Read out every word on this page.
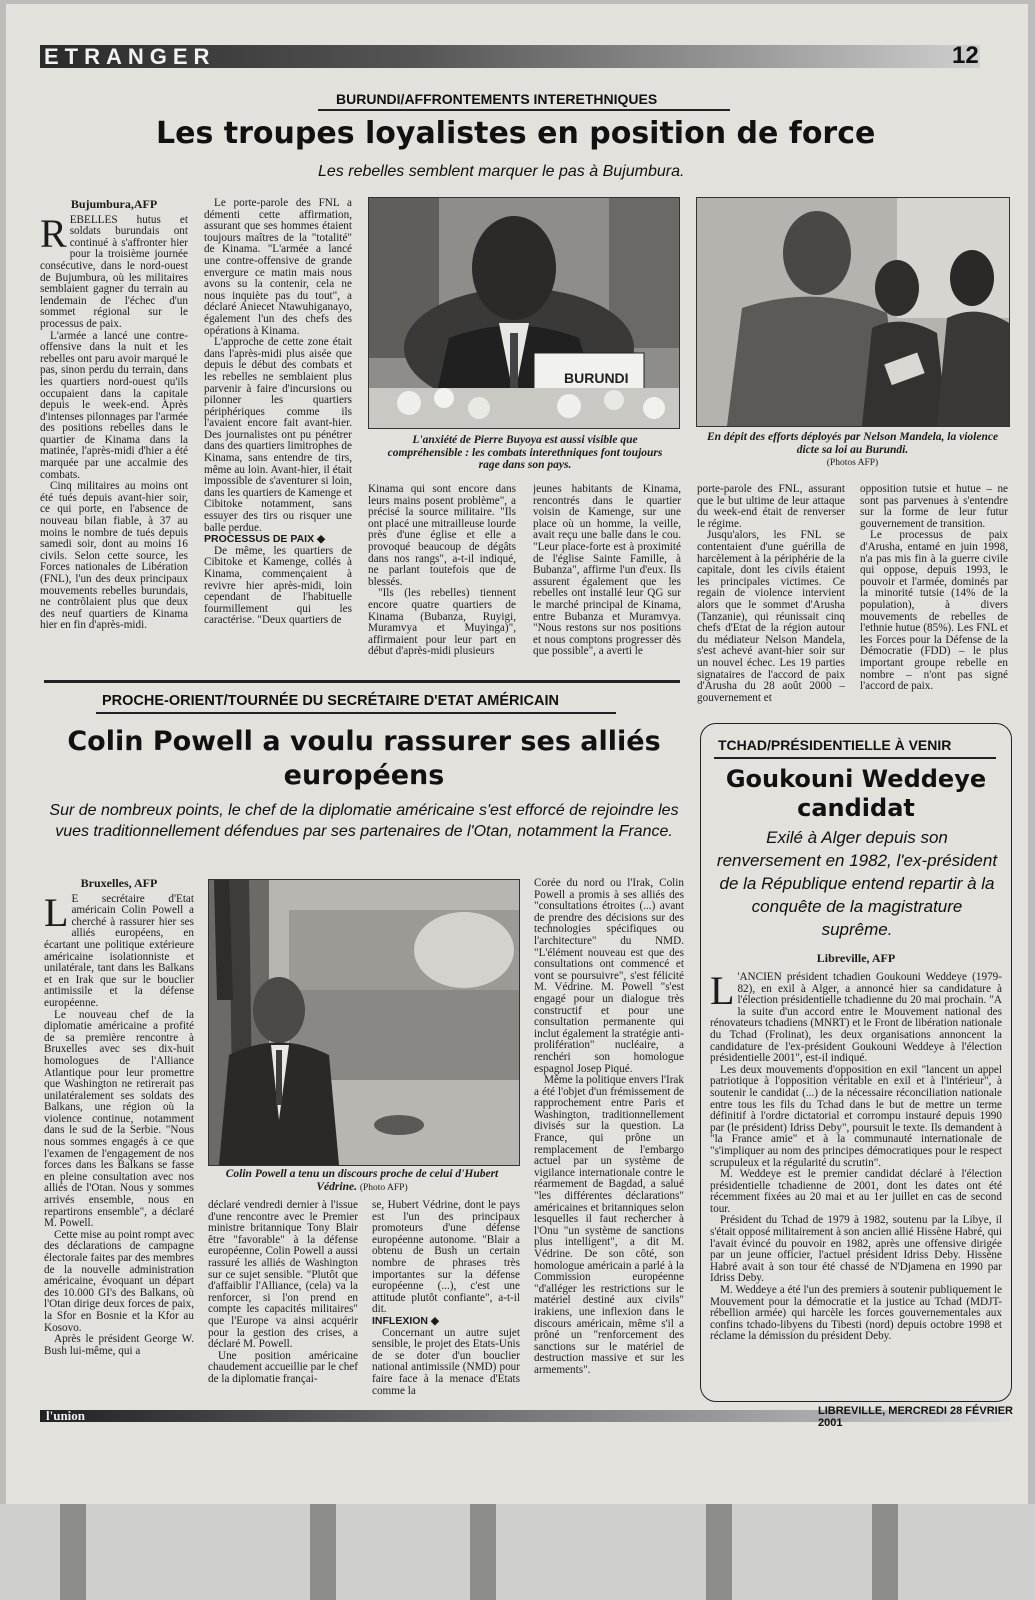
ETRANGER	12
BURUNDI/AFFRONTEMENTS INTERETHNIQUES
Les troupes loyalistes en position de force
Les rebelles semblent marquer le pas à Bujumbura.
Bujumbura,AFP

REBELLES hutus et soldats burundais ont continué à s'affronter hier pour la troisième journée consécutive, dans le nord-ouest de Bujumbura, où les militaires semblaient gagner du terrain au lendemain de l'échec d'un sommet régional sur le processus de paix.

L'armée a lancé une contre-offensive dans la nuit et les rebelles ont paru avoir marqué le pas, sinon perdu du terrain, dans les quartiers nord-ouest qu'ils occupaient dans la capitale depuis le week-end. Après d'intenses pilonnages par l'armée des positions rebelles dans le quartier de Kinama dans la matinée, l'après-midi d'hier a été marquée par une accalmie des combats.

Cinq militaires au moins ont été tués depuis avant-hier soir, ce qui porte, en l'absence de nouveau bilan fiable, à 37 au moins le nombre de tués depuis samedi soir, dont au moins 16 civils. Selon cette source, les Forces nationales de Libération (FNL), l'un des deux principaux mouvements rebelles burundais, ne contrôlaient plus que deux des neuf quartiers de Kinama hier en fin d'après-midi.

Le porte-parole des FNL a démenti cette affirmation, assurant que ses hommes étaient toujours maîtres de la "totalité" de Kinama. "L'armée a lancé une contre-offensive de grande envergure ce matin mais nous avons su la contenir, cela ne nous inquiète pas du tout", a déclaré Aniecet Ntawuhiganayo, également l'un des chefs des opérations à Kinama.

L'approche de cette zone était dans l'après-midi plus aisée que depuis le début des combats et les rebelles ne semblaient plus parvenir à faire d'incursions ou pilonner les quartiers périphériques comme ils l'avaient encore fait avant-hier. Des journalistes ont pu pénétrer dans des quartiers limitrophes de Kinama, sans entendre de tirs, même au loin. Avant-hier, il était impossible de s'aventurer si loin, dans les quartiers de Kamenge et Cibitoke notamment, sans essuyer des tirs ou risquer une balle perdue.

PROCESSUS DE PAIX ◆

De même, les quartiers de Cibitoke et Kamenge, collés à Kinama, commençaient à revivre hier après-midi, loin cependant de l'habituelle fourmillement qui les caractérise. "Deux quartiers de

BURUNDI
L'anxiété de Pierre Buyoya est aussi visible que compréhensible : les combats interethniques font toujours rage dans son pays.
En dépit des efforts déployés par Nelson Mandela, la violence dicte sa loi au Burundi.
(Photos AFP)

Kinama qui sont encore dans leurs mains posent problème", a précisé la source militaire. "Ils ont placé une mitrailleuse lourde près d'une église et elle a provoqué beaucoup de dégâts dans nos rangs", a-t-il indiqué, ne parlant toutefois que de blessés.

"Ils (les rebelles) tiennent encore quatre quartiers de Kinama (Bubanza, Ruyigi, Muramvya et Muyinga)", affirmaient pour leur part en début d'après-midi plusieurs

jeunes habitants de Kinama, rencontrés dans le quartier voisin de Kamenge, sur une place où un homme, la veille, avait reçu une balle dans le cou. "Leur place-forte est à proximité de l'église Sainte Famille, à Bubanza", affirme l'un d'eux. Ils assurent également que les rebelles ont installé leur QG sur le marché principal de Kinama, entre Bubanza et Muramvya. "Nous restons sur nos positions et nous comptons progresser dès que possible", a averti le

porte-parole des FNL, assurant que le but ultime de leur attaque du week-end était de renverser le régime.

Jusqu'alors, les FNL se contentaient d'une guérilla de harcèlement à la périphérie de la capitale, dont les civils étaient les principales victimes. Ce regain de violence intervient alors que le sommet d'Arusha (Tanzanie), qui réunissait cinq chefs d'Etat de la région autour du médiateur Nelson Mandela, s'est achevé avant-hier soir sur un nouvel échec. Les 19 parties signataires de l'accord de paix d'Arusha du 28 août 2000 – gouvernement et

opposition tutsie et hutue – ne sont pas parvenues à s'entendre sur la forme de leur futur gouvernement de transition.

Le processus de paix d'Arusha, entamé en juin 1998, n'a pas mis fin à la guerre civile qui oppose, depuis 1993, le pouvoir et l'armée, dominés par la minorité tutsie (14% de la population), à divers mouvements de rebelles de l'ethnie hutue (85%). Les FNL et les Forces pour la Défense de la Démocratie (FDD) – le plus important groupe rebelle en nombre – n'ont pas signé l'accord de paix.

PROCHE-ORIENT/TOURNÉE DU SECRÉTAIRE D'ETAT AMÉRICAIN
Colin Powell a voulu rassurer ses alliés européens
Sur de nombreux points, le chef de la diplomatie américaine s'est efforcé de rejoindre les vues traditionnellement défendues par ses partenaires de l'Otan, notamment la France.
Bruxelles, AFP

L E secrétaire d'Etat américain Colin Powell a cherché à rassurer hier ses alliés européens, en écartant une politique extérieure américaine isolationniste et unilatérale, tant dans les Balkans et en Irak que sur le bouclier antimissile et la défense européenne.

Le nouveau chef de la diplomatie américaine a profité de sa première rencontre à Bruxelles avec ses dix-huit homologues de l'Alliance Atlantique pour leur promettre que Washington ne retirerait pas unilatéralement ses soldats des Balkans, une région où la violence continue, notamment dans le sud de la Serbie. "Nous nous sommes engagés à ce que l'examen de l'engagement de nos forces dans les Balkans se fasse en pleine consultation avec nos alliés de l'Otan. Nous y sommes arrivés ensemble, nous en repartirons ensemble", a déclaré M. Powell.

Cette mise au point rompt avec des déclarations de campagne électorale faites par des membres de la nouvelle administration américaine, évoquant un départ des 10.000 GI's des Balkans, où l'Otan dirige deux forces de paix, la Sfor en Bosnie et la Kfor au Kosovo.

Après le président George W. Bush lui-même, qui a

Colin Powell a tenu un discours proche de celui d'Hubert Védrine. (Photo AFP)

déclaré vendredi dernier à l'issue d'une rencontre avec le Premier ministre britannique Tony Blair être "favorable" à la défense européenne, Colin Powell a aussi rassuré les alliés de Washington sur ce sujet sensible. "Plutôt que d'affaiblir l'Alliance, (cela) va la renforcer, si l'on prend en compte les capacités militaires" que l'Europe va ainsi acquérir pour la gestion des crises, a déclaré M. Powell.

Une position américaine chaudement accueillie par le chef de la diplomatie françai-

se, Hubert Védrine, dont le pays est l'un des principaux promoteurs d'une défense européenne autonome. "Blair a obtenu de Bush un certain nombre de phrases très importantes sur la défense européenne (...), c'est une attitude plutôt confiante", a-t-il dit.

INFLEXION ◆

Concernant un autre sujet sensible, le projet des Etats-Unis de se doter d'un bouclier national antimissile (NMD) pour faire face à la menace d'Etats comme la

Corée du nord ou l'Irak, Colin Powell a promis à ses alliés des "consultations étroites (...) avant de prendre des décisions sur des technologies spécifiques ou l'architecture" du NMD. "L'élément nouveau est que des consultations ont commencé et vont se poursuivre", s'est félicité M. Védrine. M. Powell "s'est engagé pour un dialogue très constructif et pour une consultation permanente qui inclut également la stratégie anti-prolifération" nucléaire, a renchéri son homologue espagnol Josep Piqué.

Même la politique envers l'Irak a été l'objet d'un frémissement de rapprochement entre Paris et Washington, traditionnellement divisés sur la question. La France, qui prône un remplacement de l'embargo actuel par un système de vigilance internationale contre le réarmement de Bagdad, a salué "les différentes déclarations" américaines et britanniques selon lesquelles il faut rechercher à l'Onu "un système de sanctions plus intelligent", a dit M. Védrine. De son côté, son homologue américain a parlé à la Commission européenne "d'alléger les restrictions sur le matériel destiné aux civils" irakiens, une inflexion dans le discours américain, même s'il a prôné un "renforcement des sanctions sur le matériel de destruction massive et sur les armements".

TCHAD/PRÉSIDENTIELLE À VENIR
Goukouni Weddeye candidat
Exilé à Alger depuis son renversement en 1982, l'ex-président de la République entend repartir à la conquête de la magistrature suprême.
Libreville, AFP

L 'ANCIEN président tchadien Goukouni Weddeye (1979-82), en exil à Alger, a annoncé hier sa candidature à l'élection présidentielle tchadienne du 20 mai prochain. "A la suite d'un accord entre le Mouvement national des rénovateurs tchadiens (MNRT) et le Front de libération nationale du Tchad (Frolinat), les deux organisations annoncent la candidature de l'ex-président Goukouni Weddeye à l'élection présidentielle 2001", est-il indiqué.

Les deux mouvements d'opposition en exil "lancent un appel patriotique à l'opposition véritable en exil et à l'intérieur", à soutenir le candidat (...) de la nécessaire réconciliation nationale entre tous les fils du Tchad dans le but de mettre un terme définitif à l'ordre dictatorial et corrompu instauré depuis 1990 par (le président) Idriss Deby", poursuit le texte. Ils demandent à "la France amie" et à la communauté internationale de "s'impliquer au nom des principes démocratiques pour le respect scrupuleux et la régularité du scrutin".

M. Weddeye est le premier candidat déclaré à l'élection présidentielle tchadienne de 2001, dont les dates ont été récemment fixées au 20 mai et au 1er juillet en cas de second tour.

Président du Tchad de 1979 à 1982, soutenu par la Libye, il s'était opposé militairement à son ancien allié Hissène Habré, qui l'avait évincé du pouvoir en 1982, après une offensive dirigée par un jeune officier, l'actuel président Idriss Deby. Hissène Habré avait à son tour été chassé de N'Djamena en 1990 par Idriss Deby.

M. Weddeye a été l'un des premiers à soutenir publiquement le Mouvement pour la démocratie et la justice au Tchad (MDJT-rébellion armée) qui harcèle les forces gouvernementales aux confins tchado-libyens du Tibesti (nord) depuis octobre 1998 et réclame la démission du président Deby.

l'union	LIBREVILLE, MERCREDI 28 FÉVRIER 2001
